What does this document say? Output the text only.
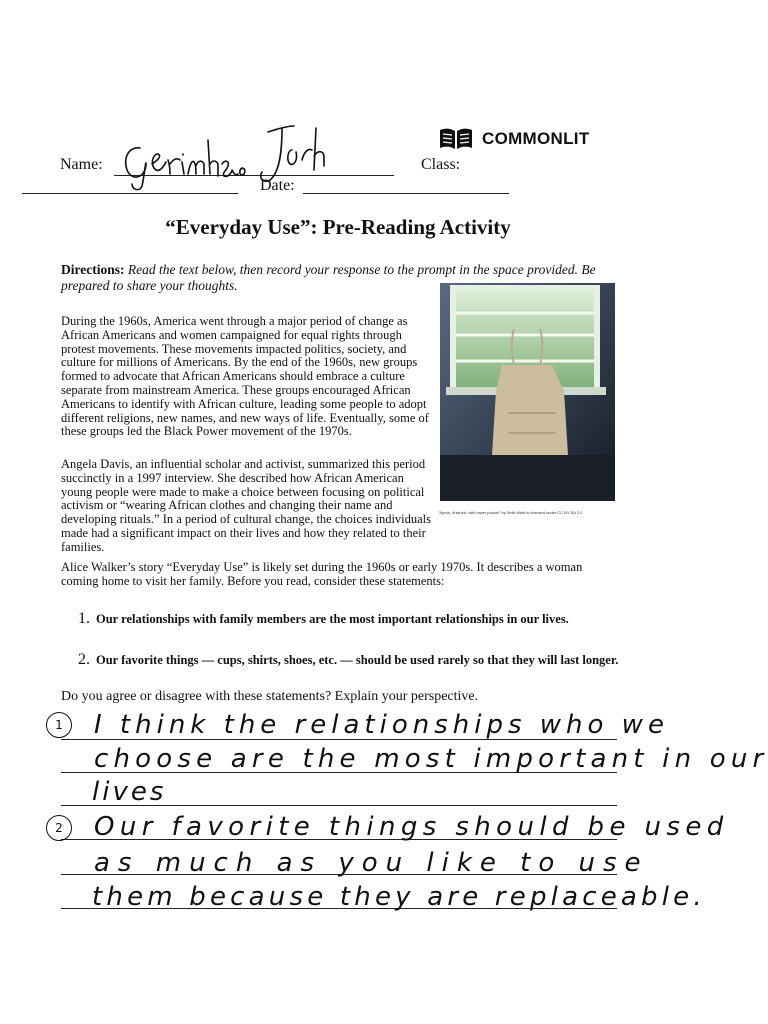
Name:	Class:
Date:
COMMONLIT
“Everyday Use”: Pre-Reading Activity
Directions: Read the text below, then record your response to the prompt in the space provided. Be prepared to share your thoughts.
During the 1960s, America went through a major period of change as African Americans and women campaigned for equal rights through protest movements. These movements impacted politics, society, and culture for millions of Americans. By the end of the 1960s, new groups formed to advocate that African Americans should embrace a culture separate from mainstream America. These groups encouraged African Americans to identify with African culture, leading some people to adopt different religions, new names, and new ways of life. Eventually, some of these groups led the Black Power movement of the 1970s.
Angela Davis, an influential scholar and activist, summarized this period succinctly in a 1997 interview. She described how African American young people were made to make a choice between focusing on political activism or “wearing African clothes and changing their name and developing rituals.” In a period of cultural change, the choices individuals made had a significant impact on their lives and how they related to their families.
Alice Walker’s story “Everyday Use” is likely set during the 1960s or early 1970s. It describes a woman coming home to visit her family. Before you read, consider these statements:
"Apron, finished, with lower pocket" by Seth Waid is licensed under CC BY-SA 2.0
1. Our relationships with family members are the most important relationships in our lives.
2. Our favorite things — cups, shirts, shoes, etc. — should be used rarely so that they will last longer.
Do you agree or disagree with these statements? Explain your perspective.
1	I think the relationships who we
choose are the most important in our
lives
2	Our favorite things should be used
as much as you like to use
them because they are replaceable.
